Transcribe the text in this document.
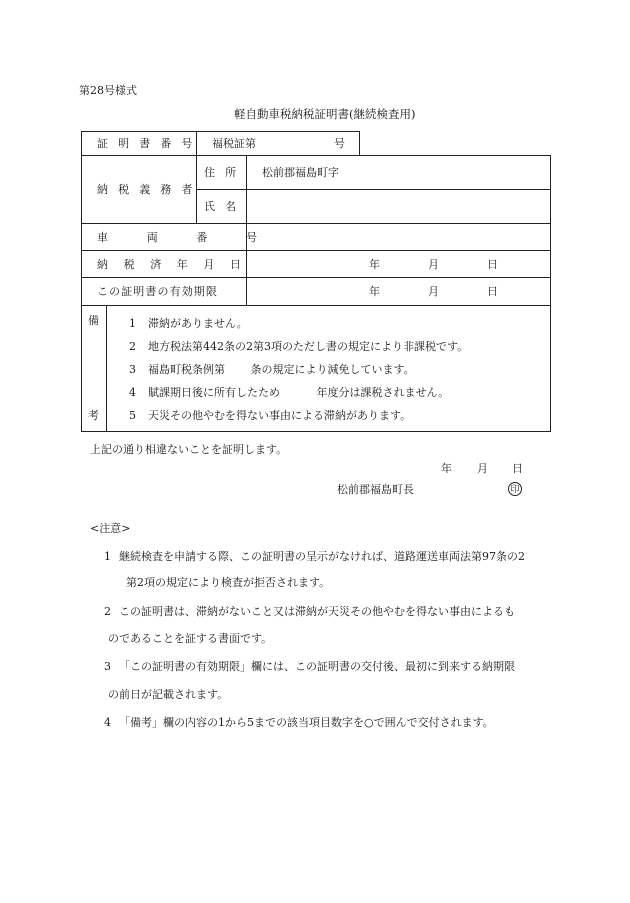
第28号様式
軽自動車税納税証明書(継続検査用)
証 明 書 番 号 福税証第	号
納 税 義 務 者
住 所 松前郡福島町字
氏 名
車 両 番 号
納 税 済 年 月 日	年	月	日
この証明書の有効期限	年	月	日
備
考
1 滞納がありません。
2 地方税法第442条の2第3項のただし書の規定により非課税です。
3 福島町税条例第　　 条の規定により減免しています。
4 賦課期日後に所有したため　　　 年度分は課税されません。
5 天災その他やむを得ない事由による滞納があります。
上記の通り相違ないことを証明します。
年 月 日
松前郡福島町長	印
<注意>
1 継続検査を申請する際、この証明書の呈示がなければ、道路運送車両法第97条の2
第2項の規定により検査が拒否されます。
2 この証明書は、滞納がないこと又は滞納が天災その他やむを得ない事由によるも
のであることを証する書面です。
3 「この証明書の有効期限」欄には、この証明書の交付後、最初に到来する納期限
の前日が記載されます。
4 「備考」欄の内容の1から5までの該当項目数字を○で囲んで交付されます。
